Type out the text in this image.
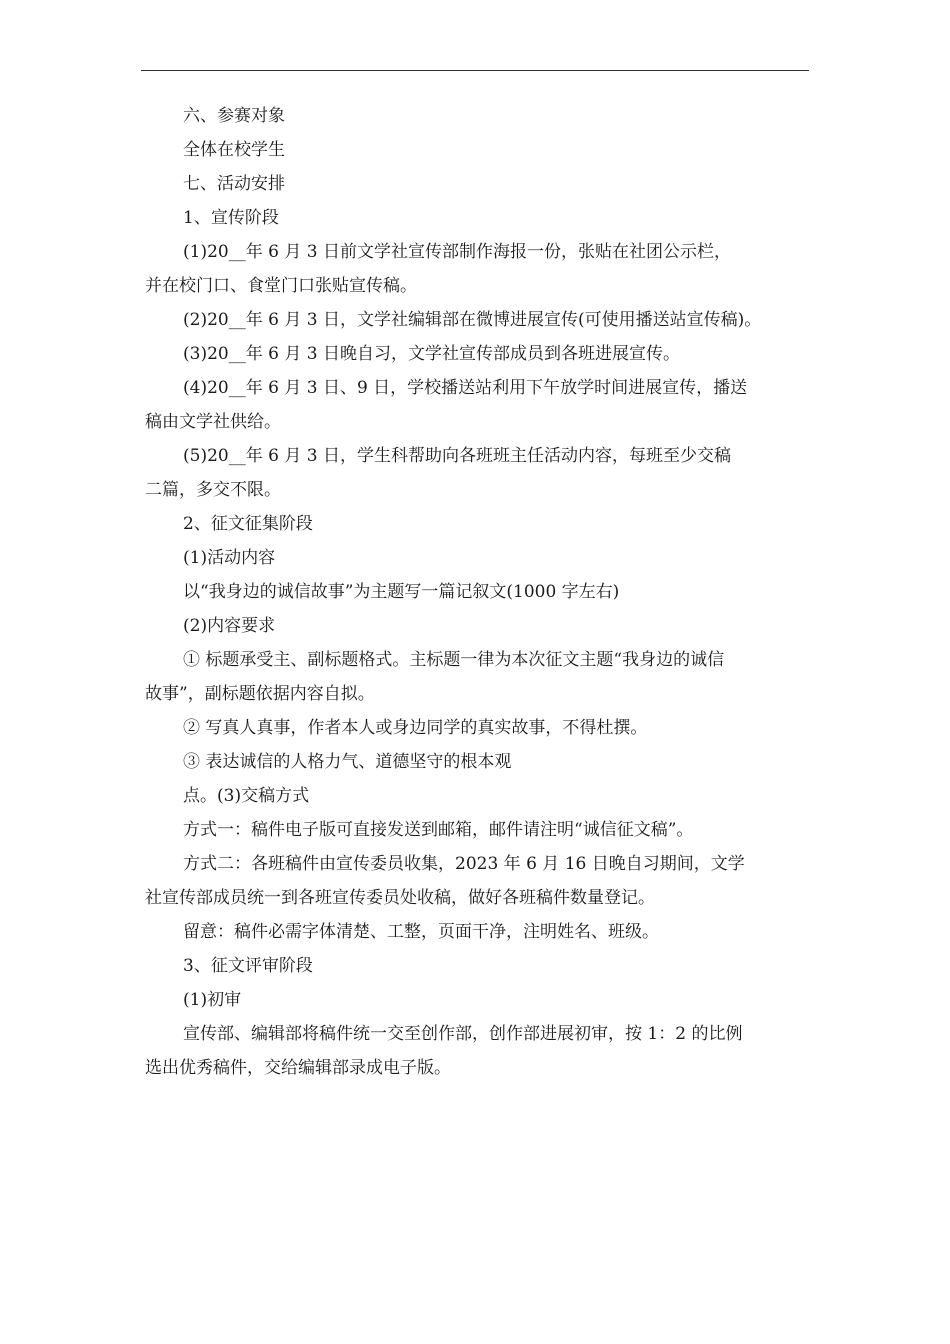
六、参赛对象
全体在校学生
七、活动安排
1、宣传阶段
(1)20__年 6 月 3 日前文学社宣传部制作海报一份，张贴在社团公示栏，
并在校门口、食堂门口张贴宣传稿。
(2)20__年 6 月 3 日，文学社编辑部在微博进展宣传(可使用播送站宣传稿)。
(3)20__年 6 月 3 日晚自习，文学社宣传部成员到各班进展宣传。
(4)20__年 6 月 3 日、9 日，学校播送站利用下午放学时间进展宣传，播送
稿由文学社供给。
(5)20__年 6 月 3 日，学生科帮助向各班班主任活动内容，每班至少交稿
二篇，多交不限。
2、征文征集阶段
(1)活动内容
以“我身边的诚信故事”为主题写一篇记叙文(1000 字左右)
(2)内容要求
① 标题承受主、副标题格式。主标题一律为本次征文主题“我身边的诚信
故事”，副标题依据内容自拟。
② 写真人真事，作者本人或身边同学的真实故事，不得杜撰。
③ 表达诚信的人格力气、道德坚守的根本观
点。(3)交稿方式
方式一：稿件电子版可直接发送到邮箱，邮件请注明“诚信征文稿”。
方式二：各班稿件由宣传委员收集，2023 年 6 月 16 日晚自习期间，文学
社宣传部成员统一到各班宣传委员处收稿，做好各班稿件数量登记。
留意：稿件必需字体清楚、工整，页面干净，注明姓名、班级。
3、征文评审阶段
(1)初审
宣传部、编辑部将稿件统一交至创作部，创作部进展初审，按 1：2 的比例
选出优秀稿件，交给编辑部录成电子版。
